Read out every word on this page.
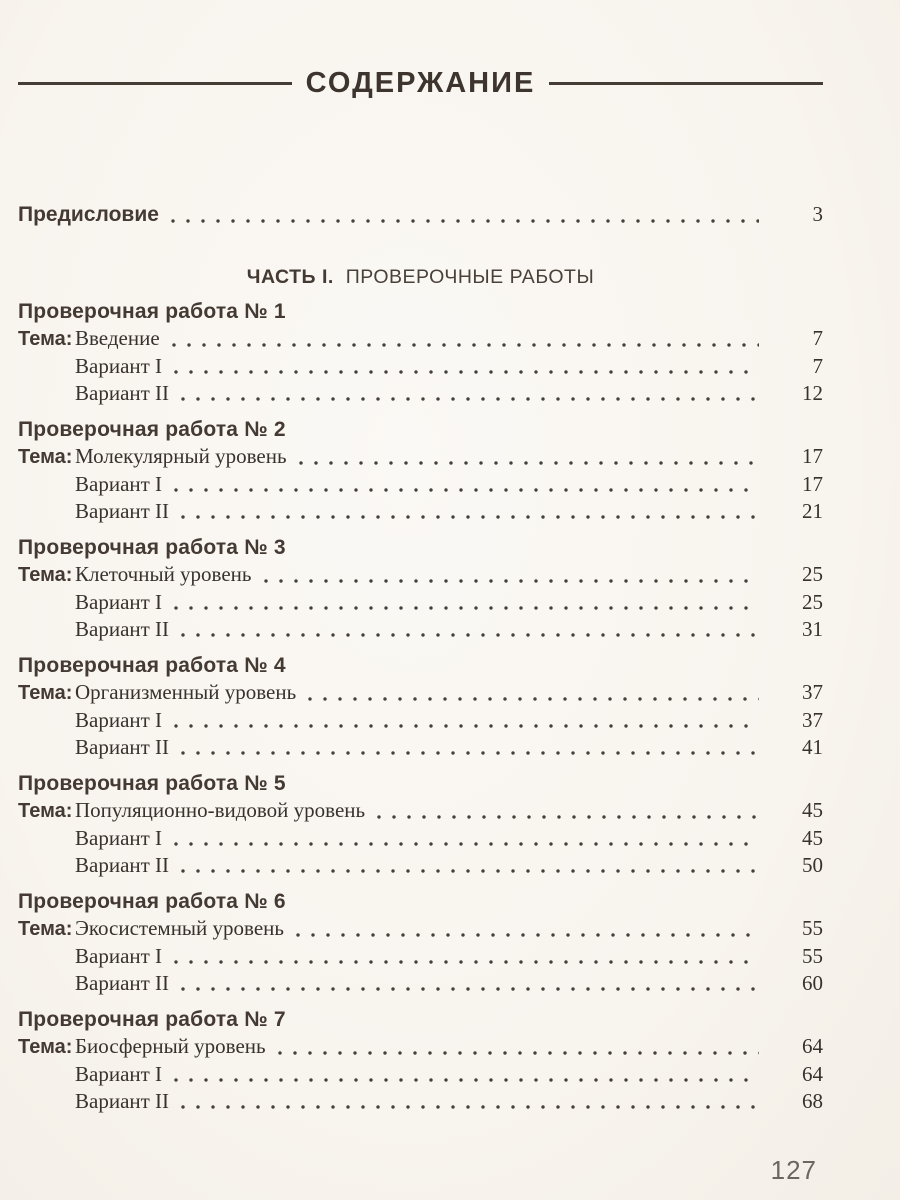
СОДЕРЖАНИЕ
Предисловие	3
ЧАСТЬ I. ПРОВЕРОЧНЫЕ РАБОТЫ
Проверочная работа № 1
Тема: Введение	7
Вариант I	7
Вариант II	12
Проверочная работа № 2
Тема: Молекулярный уровень	17
Вариант I	17
Вариант II	21
Проверочная работа № 3
Тема: Клеточный уровень	25
Вариант I	25
Вариант II	31
Проверочная работа № 4
Тема: Организменный уровень	37
Вариант I	37
Вариант II	41
Проверочная работа № 5
Тема: Популяционно-видовой уровень	45
Вариант I	45
Вариант II	50
Проверочная работа № 6
Тема: Экосистемный уровень	55
Вариант I	55
Вариант II	60
Проверочная работа № 7
Тема: Биосферный уровень	64
Вариант I	64
Вариант II	68
127
